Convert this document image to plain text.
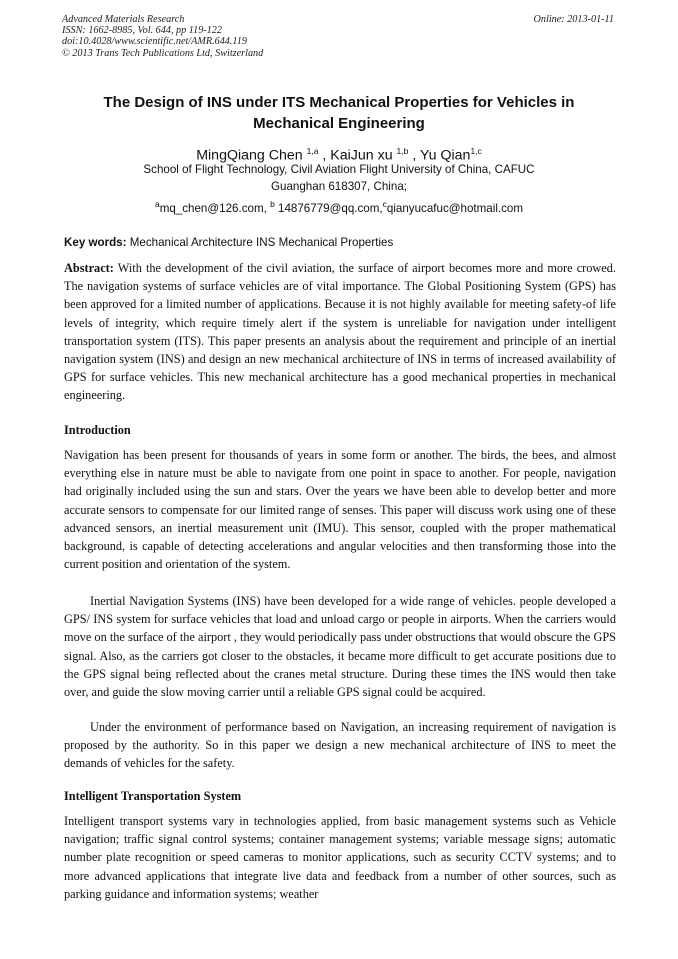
Advanced Materials Research
ISSN: 1662-8985, Vol. 644, pp 119-122
doi:10.4028/www.scientific.net/AMR.644.119
© 2013 Trans Tech Publications Ltd, Switzerland
Online: 2013-01-11
The Design of INS under ITS Mechanical Properties for Vehicles in
Mechanical Engineering
MingQiang Chen $^{1,a}$ , KaiJun xu $^{1,b}$ , Yu Qian$^{1,c}$
School of Flight Technology, Civil Aviation Flight University of China, CAFUC
Guanghan 618307, China;
$^a$mq_chen@126.com, $^b$ 14876779@qq.com,$^c$qianyucafuc@hotmail.com
Key words: Mechanical Architecture INS Mechanical Properties
Abstract: With the development of the civil aviation, the surface of airport becomes more and more crowed. The navigation systems of surface vehicles are of vital importance. The Global Positioning System (GPS) has been approved for a limited number of applications. Because it is not highly available for meeting safety-of life levels of integrity, which require timely alert if the system is unreliable for navigation under intelligent transportation system (ITS). This paper presents an analysis about the requirement and principle of an inertial navigation system (INS) and design an new mechanical architecture of INS in terms of increased availability of GPS for surface vehicles. This new mechanical architecture has a good mechanical properties in mechanical engineering.
Introduction
Navigation has been present for thousands of years in some form or another. The birds, the bees, and almost everything else in nature must be able to navigate from one point in space to another. For people, navigation had originally included using the sun and stars. Over the years we have been able to develop better and more accurate sensors to compensate for our limited range of senses. This paper will discuss work using one of these advanced sensors, an inertial measurement unit (IMU). This sensor, coupled with the proper mathematical background, is capable of detecting accelerations and angular velocities and then transforming those into the current position and orientation of the system.
Inertial Navigation Systems (INS) have been developed for a wide range of vehicles. people developed a GPS/ INS system for surface vehicles that load and unload cargo or people in airports. When the carriers would move on the surface of the airport , they would periodically pass under obstructions that would obscure the GPS signal. Also, as the carriers got closer to the obstacles, it became more difficult to get accurate positions due to the GPS signal being reflected about the cranes metal structure. During these times the INS would then take over, and guide the slow moving carrier until a reliable GPS signal could be acquired.
Under the environment of performance based on Navigation, an increasing requirement of navigation is proposed by the authority. So in this paper we design a new mechanical architecture of INS to meet the demands of vehicles for the safety.
Intelligent Transportation System
Intelligent transport systems vary in technologies applied, from basic management systems such as Vehicle navigation; traffic signal control systems; container management systems; variable message signs; automatic number plate recognition or speed cameras to monitor applications, such as security CCTV systems; and to more advanced applications that integrate live data and feedback from a number of other sources, such as parking guidance and information systems; weather
